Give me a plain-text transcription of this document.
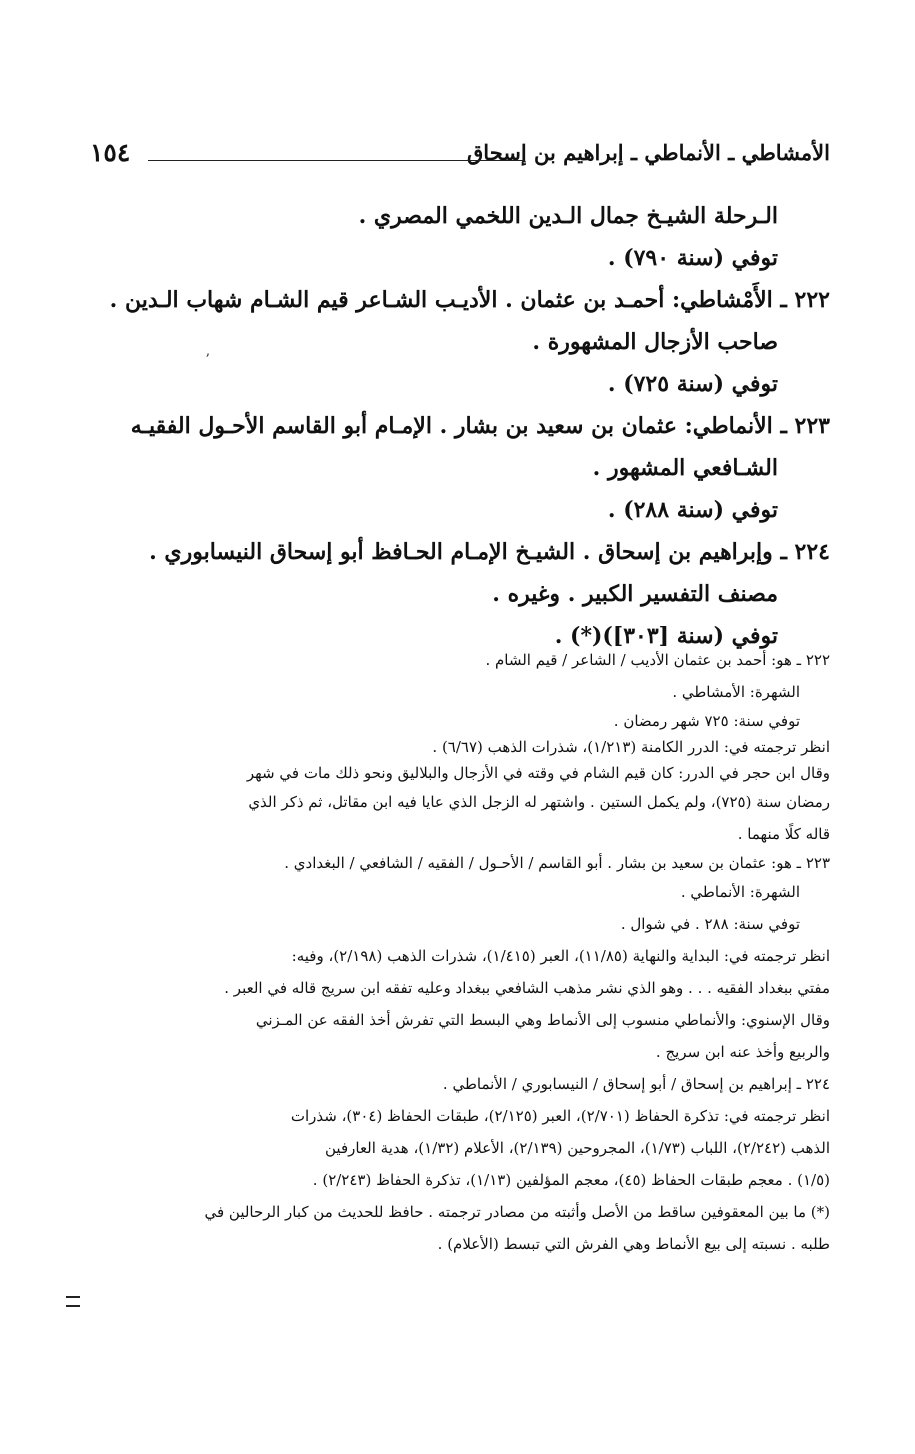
الأمشاطي ـ الأنماطي ـ إبراهيم بن إسحاق
١٥٤
الـرحلة الشيـخ جمال الـدين اللخمي المصري .
توفي (سنة ٧٩٠) .
٢٢٢ ـ الأَمْشاطي: أحمـد بن عثمان . الأديـب الشـاعر قيم الشـام شهاب الـدين .
صاحب الأزجال المشهورة .
توفي (سنة ٧٢٥) .
٢٢٣ ـ الأنماطي: عثمان بن سعيد بن بشار . الإمـام أبو القاسم الأحـول الفقيـه
الشـافعي المشهور .
توفي (سنة ٢٨٨) .
٢٢٤ ـ وإبراهيم بن إسحاق . الشيـخ الإمـام الحـافظ أبو إسحاق النيسابوري .
مصنف التفسير الكبير . وغيره .
توفي (سنة [٣٠٣])(*) .
٢٢٢ ـ هو: أحمد بن عثمان الأديب / الشاعر / قيم الشام .
الشهرة: الأمشاطي .
توفي سنة: ٧٢٥ شهر رمضان .
انظر ترجمته في: الدرر الكامنة (١/٢١٣)، شذرات الذهب (٦/٦٧) .
وقال ابن حجر في الدرر: كان قيم الشام في وقته في الأزجال والبلاليق ونحو ذلك مات في شهر
رمضان سنة (٧٢٥)، ولم يكمل الستين . واشتهر له الزجل الذي عايا فيه ابن مقاتل، ثم ذكر الذي
قاله كلًا منهما .
٢٢٣ ـ هو: عثمان بن سعيد بن بشار . أبو القاسم / الأحـول / الفقيه / الشافعي / البغدادي .
الشهرة: الأنماطي .
توفي سنة: ٢٨٨ . في شوال .
انظر ترجمته في: البداية والنهاية (١١/٨٥)، العبر (١/٤١٥)، شذرات الذهب (٢/١٩٨)، وفيه:
مفتي ببغداد الفقيه . . . وهو الذي نشر مذهب الشافعي ببغداد وعليه تفقه ابن سريج قاله في العبر .
وقال الإسنوي: والأنماطي منسوب إلى الأنماط وهي البسط التي تفرش أخذ الفقه عن المـزني
والربيع وأخذ عنه ابن سريج .
٢٢٤ ـ إبراهيم بن إسحاق / أبو إسحاق / النيسابوري / الأنماطي .
انظر ترجمته في: تذكرة الحفاظ (٢/٧٠١)، العبر (٢/١٢٥)، طبقات الحفاظ (٣٠٤)، شذرات
الذهب (٢/٢٤٢)، اللباب (١/٧٣)، المجروحين (٢/١٣٩)، الأعلام (١/٣٢)، هدية العارفين
(١/٥) . معجم طبقات الحفاظ (٤٥)، معجم المؤلفين (١/١٣)، تذكرة الحفاظ (٢/٢٤٣) .
(*) ما بين المعقوفين ساقط من الأصل وأثبته من مصادر ترجمته . حافظ للحديث من كبار الرحالين في
طلبه . نسبته إلى بيع الأنماط وهي الفرش التي تبسط (الأعلام) .
ʼ
